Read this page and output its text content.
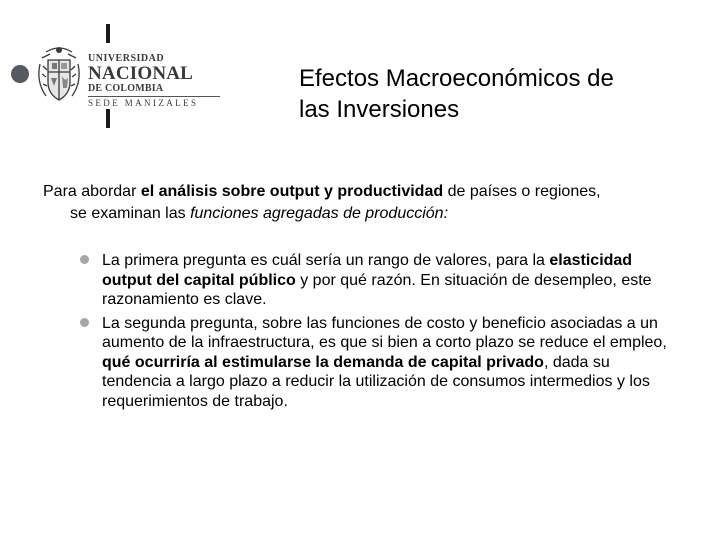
UNIVERSIDAD
NACIONAL
DE COLOMBIA
SEDE MANIZALES
Efectos Macroeconómicos de
las Inversiones
Para abordar el análisis sobre output y productividad de países o regiones,
se examinan las funciones agregadas de producción:
La primera pregunta es cuál sería un rango de valores, para la elasticidad output del capital público y por qué razón. En situación de desempleo, este razonamiento es clave.
La segunda pregunta, sobre las funciones de costo y beneficio asociadas a un aumento de la infraestructura, es que si bien a corto plazo se reduce el empleo, qué ocurriría al estimularse la demanda de capital privado, dada su tendencia a largo plazo a reducir la utilización de consumos intermedios y los requerimientos de trabajo.
